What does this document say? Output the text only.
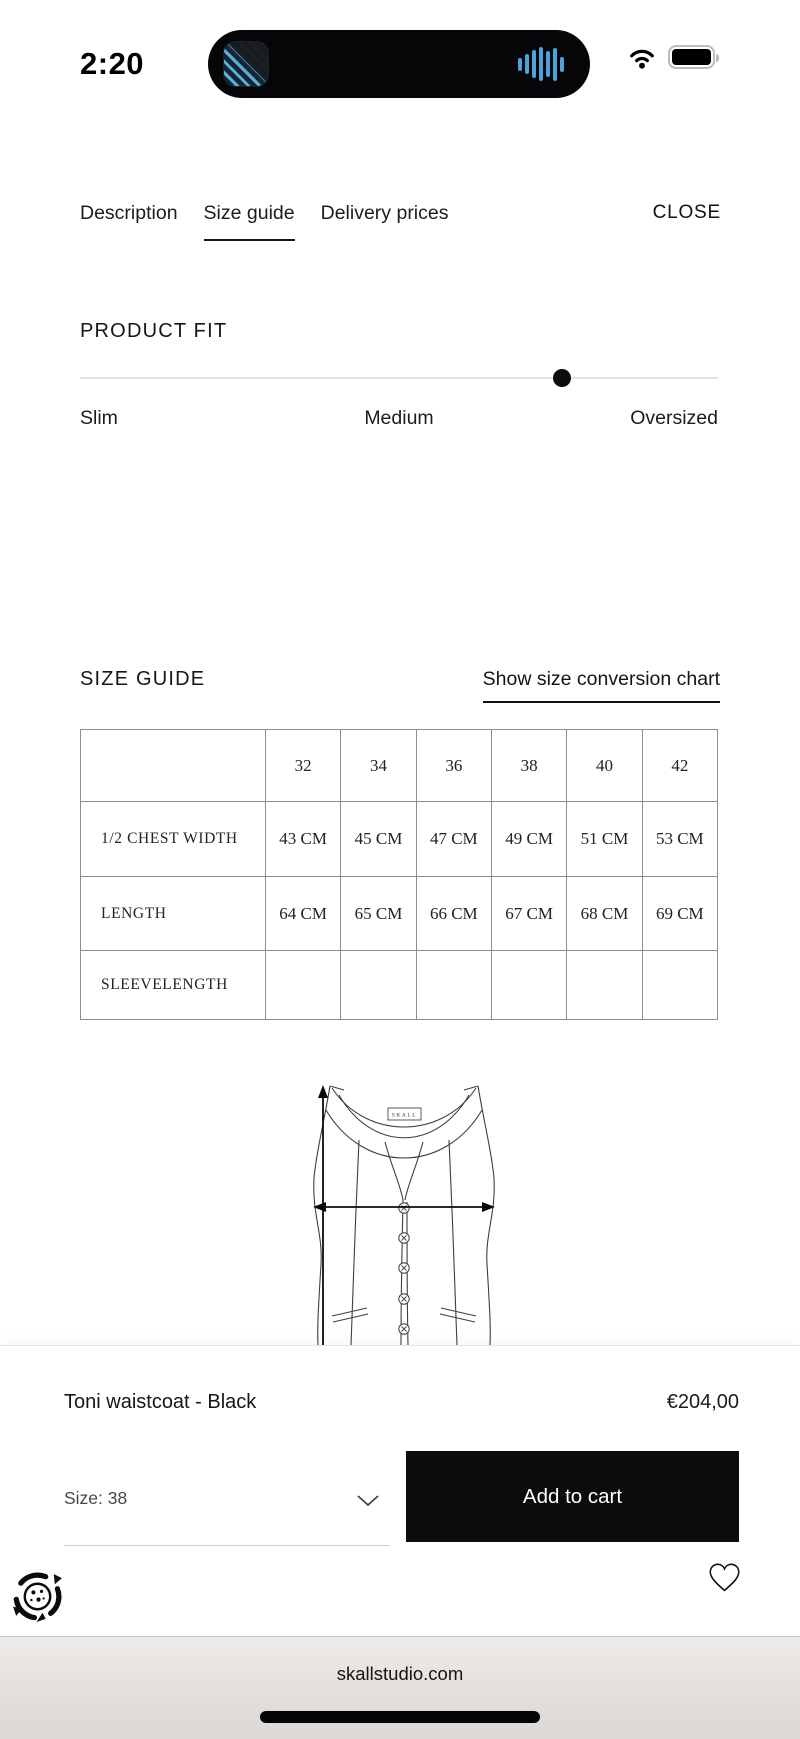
2:20
Description Size guide Delivery prices	CLOSE
PRODUCT FIT
Slim	Medium	Oversized
SIZE GUIDE	Show size conversion chart
	32	34	36	38	40	42
1/2 CHEST WIDTH	43 CM	45 CM	47 CM	49 CM	51 CM	53 CM
LENGTH	64 CM	65 CM	66 CM	67 CM	68 CM	69 CM
SLEEVELENGTH						
SKALL
Toni waistcoat - Black	€204,00
Size: 38	Add to cart
skallstudio.com
